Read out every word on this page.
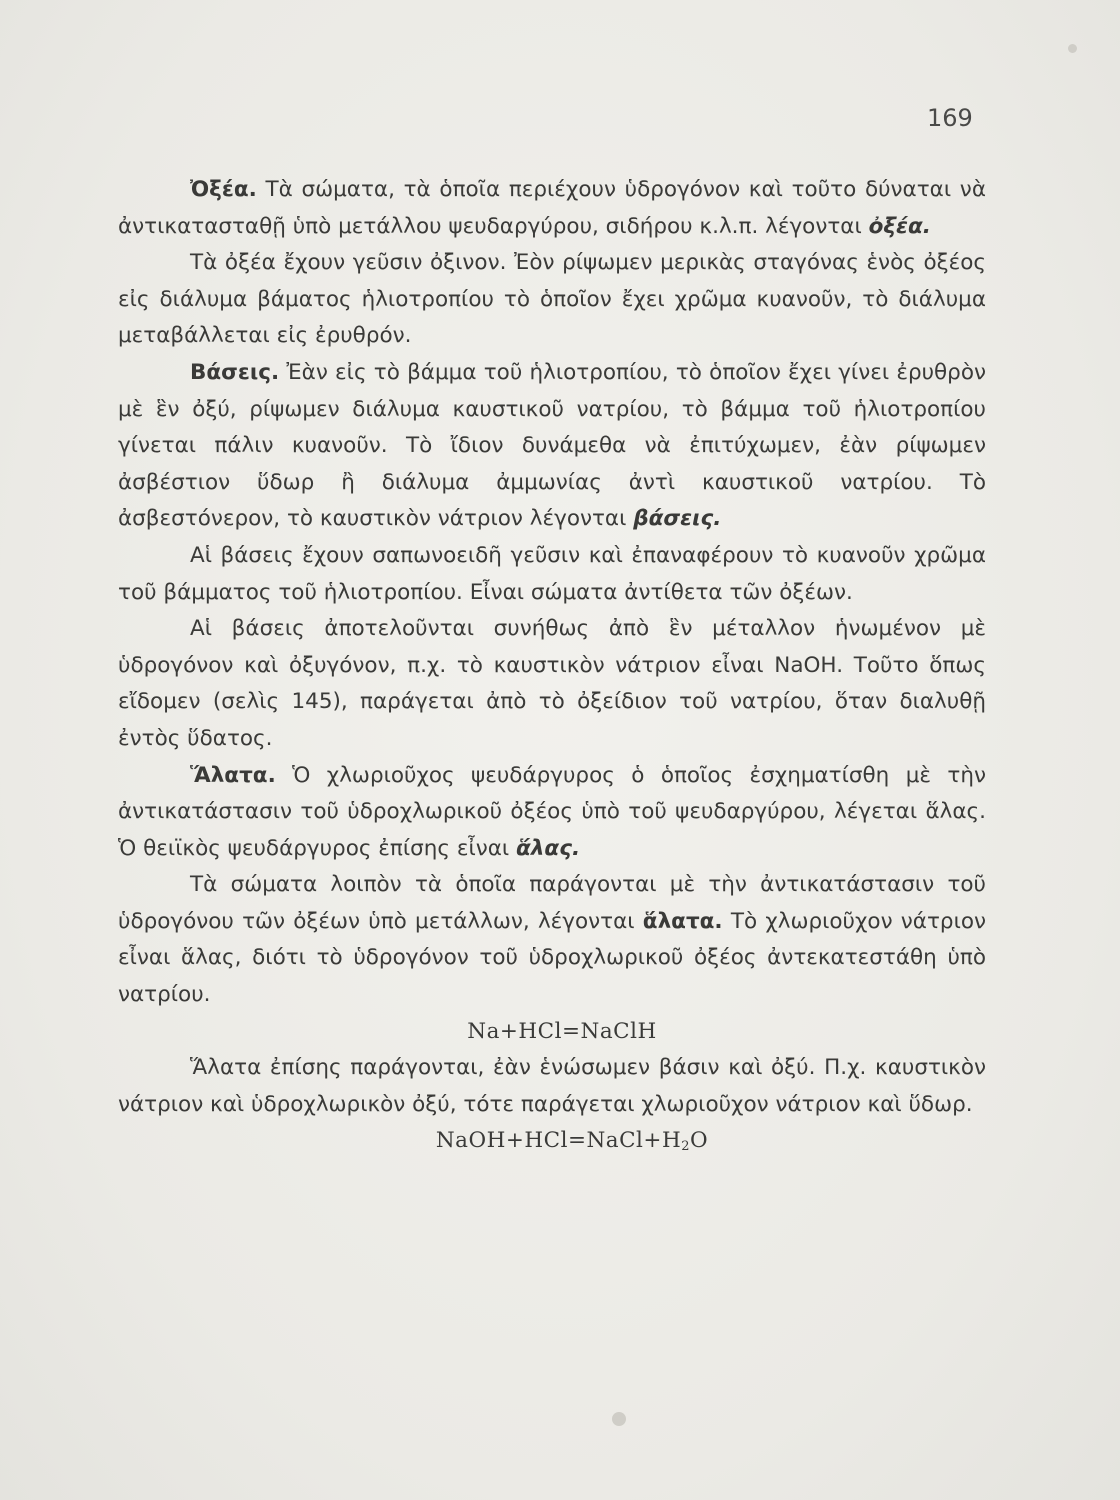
169

Ὀξέα. Τὰ σώματα, τὰ ὁποῖα περιέχουν ὑδρογόνον καὶ τοῦτο δύναται νὰ ἀντικατασταθῇ ὑπὸ μετάλλου ψευδαργύρου, σιδήρου κ.λ.π. λέγονται ὀξέα.

Τὰ ὀξέα ἔχουν γεῦσιν ὀξινον. Ἐὸν ρίψωμεν μερικὰς σταγόνας ἑνὸς ὀξέος εἰς διάλυμα βάματος ἡλιοτροπίου τὸ ὁποῖον ἔχει χρῶμα κυανοῦν, τὸ διάλυμα μεταβάλλεται εἰς ἐρυθρόν.

Βάσεις. Ἐὰν εἰς τὸ βάμμα τοῦ ἡλιοτροπίου, τὸ ὁποῖον ἔχει γίνει ἐρυθρὸν μὲ ἓν ὀξύ, ρίψωμεν διάλυμα καυστικοῦ νατρίου, τὸ βάμμα τοῦ ἡλιοτροπίου γίνεται πάλιν κυανοῦν. Τὸ ἴδιον δυνάμεθα νὰ ἐπιτύχωμεν, ἐὰν ρίψωμεν ἀσβέστιον ὕδωρ ἢ διάλυμα ἀμμωνίας ἀντὶ καυστικοῦ νατρίου. Τὸ ἀσβεστόνερον, τὸ καυστικὸν νάτριον λέγονται βάσεις.

Αἱ βάσεις ἔχουν σαπωνοειδῆ γεῦσιν καὶ ἐπαναφέρουν τὸ κυανοῦν χρῶμα τοῦ βάμματος τοῦ ἡλιοτροπίου. Εἶναι σώματα ἀντίθετα τῶν ὀξέων.

Αἱ βάσεις ἀποτελοῦνται συνήθως ἀπὸ ἓν μέταλλον ἡνωμένον μὲ ὑδρογόνον καὶ ὀξυγόνον, π.χ. τὸ καυστικὸν νάτριον εἶναι NaOH. Τοῦτο ὅπως εἴδομεν (σελὶς 145), παράγεται ἀπὸ τὸ ὀξείδιον τοῦ νατρίου, ὅταν διαλυθῇ ἐντὸς ὕδατος.

Ἅλατα. Ὁ χλωριοῦχος ψευδάργυρος ὁ ὁποῖος ἐσχηματίσθη μὲ τὴν ἀντικατάστασιν τοῦ ὑδροχλωρικοῦ ὀξέος ὑπὸ τοῦ ψευδαργύρου, λέγεται ἅλας. Ὁ θειϊκὸς ψευδάργυρος ἐπίσης εἶναι ἅλας.

Τὰ σώματα λοιπὸν τὰ ὁποῖα παράγονται μὲ τὴν ἀντικατάστασιν τοῦ ὑδρογόνου τῶν ὀξέων ὑπὸ μετάλλων, λέγονται ἅλατα. Τὸ χλωριοῦχον νάτριον εἶναι ἅλας, διότι τὸ ὑδρογόνον τοῦ ὑδροχλωρικοῦ ὀξέος ἀντεκατεστάθη ὑπὸ νατρίου.

Na+HCl=NaClH

Ἅλατα ἐπίσης παράγονται, ἐὰν ἑνώσωμεν βάσιν καὶ ὀξύ. Π.χ. καυστικὸν νάτριον καὶ ὑδροχλωρικὸν ὀξύ, τότε παράγεται χλωριοῦχον νάτριον καὶ ὕδωρ.

$NaOH+HCl=NaCl+H_2O$
